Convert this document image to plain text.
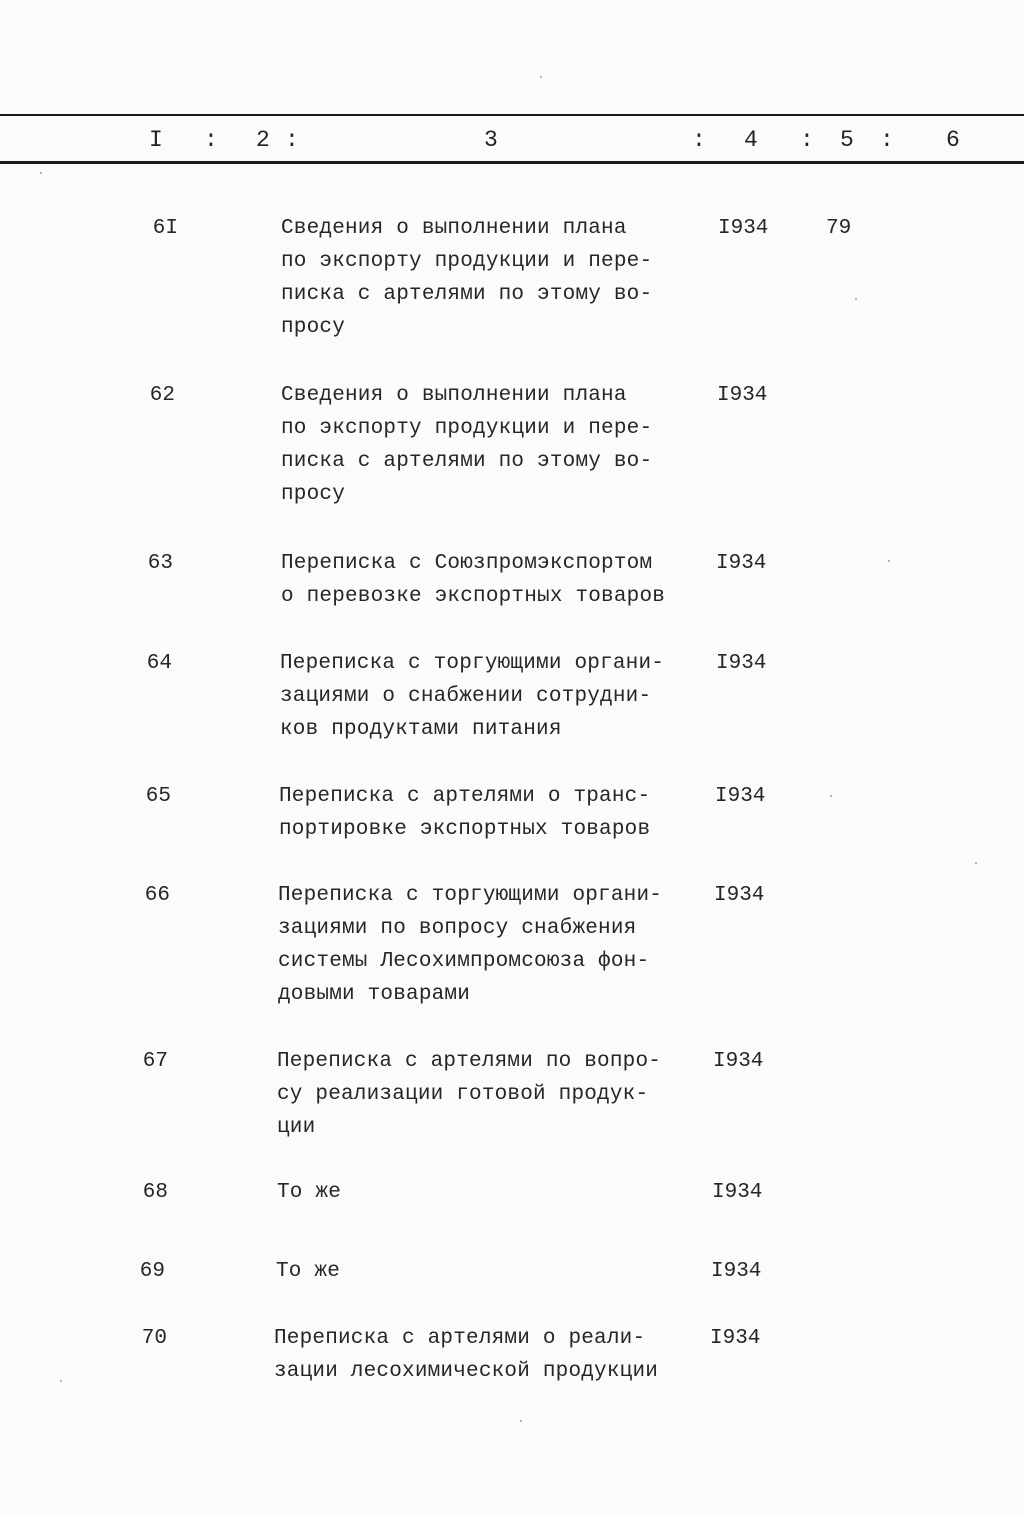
I : 2 :	3	: 4 : 5 : 6
6I	Сведения о выполнении плана
по экспорту продукции и пере-
писка с артелями по этому во-
просу
I934	79
62	Сведения о выполнении плана
по экспорту продукции и пере-
писка с артелями по этому во-
просу
I934
63	Переписка с Союзпромэкспортом
о перевозке экспортных товаров
I934
64	Переписка с торгующими органи-
зациями о снабжении сотрудни-
ков продуктами питания
I934
65	Переписка с артелями о транс-
портировке экспортных товаров
I934
66	Переписка с торгующими органи-
зациями по вопросу снабжения
системы Лесохимпромсоюза фон-
довыми товарами
I934
67	Переписка с артелями по вопро-
су реализации готовой продук-
ции
I934
68	То же	I934
69	То же	I934
70	Переписка с артелями о реали-
зации лесохимической продукции
I934
